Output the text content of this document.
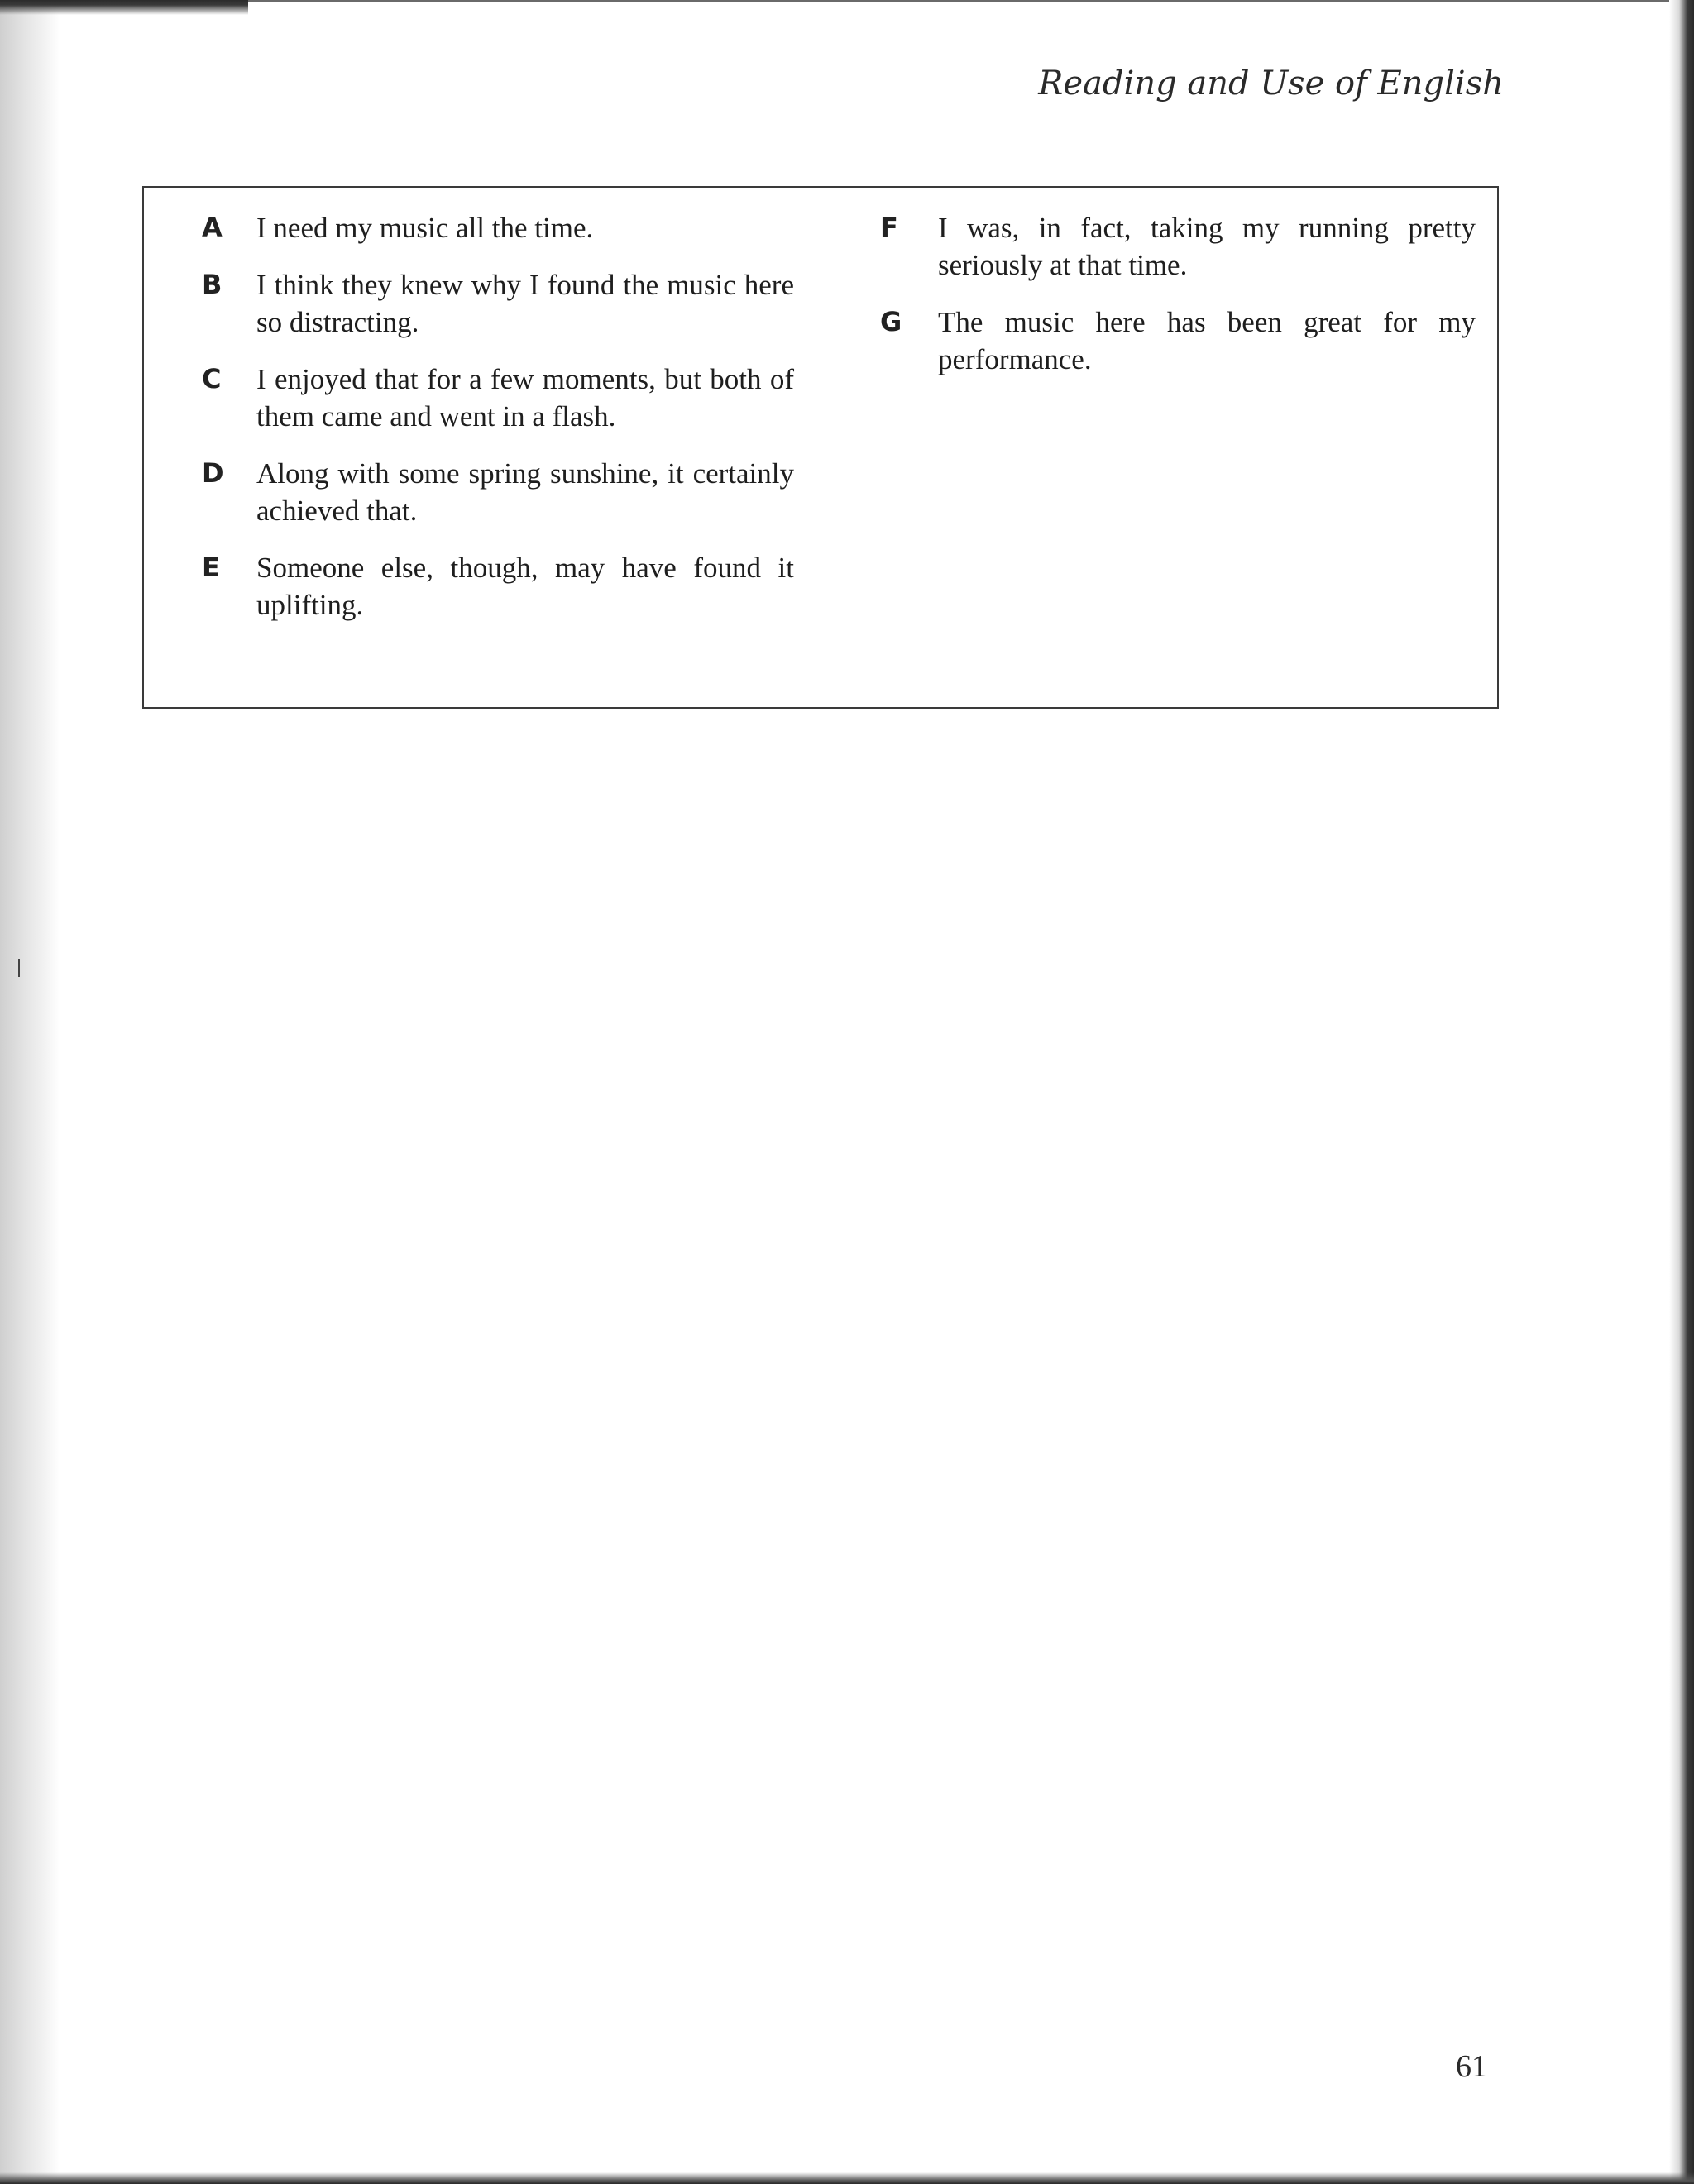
Reading and Use of English
A I need my music all the time.
B I think they knew why I found the music here so distracting.
C I enjoyed that for a few moments, but both of them came and went in a flash.
D Along with some spring sunshine, it certainly achieved that.
E Someone else, though, may have found it uplifting.
F I was, in fact, taking my running pretty seriously at that time.
G The music here has been great for my performance.
61
